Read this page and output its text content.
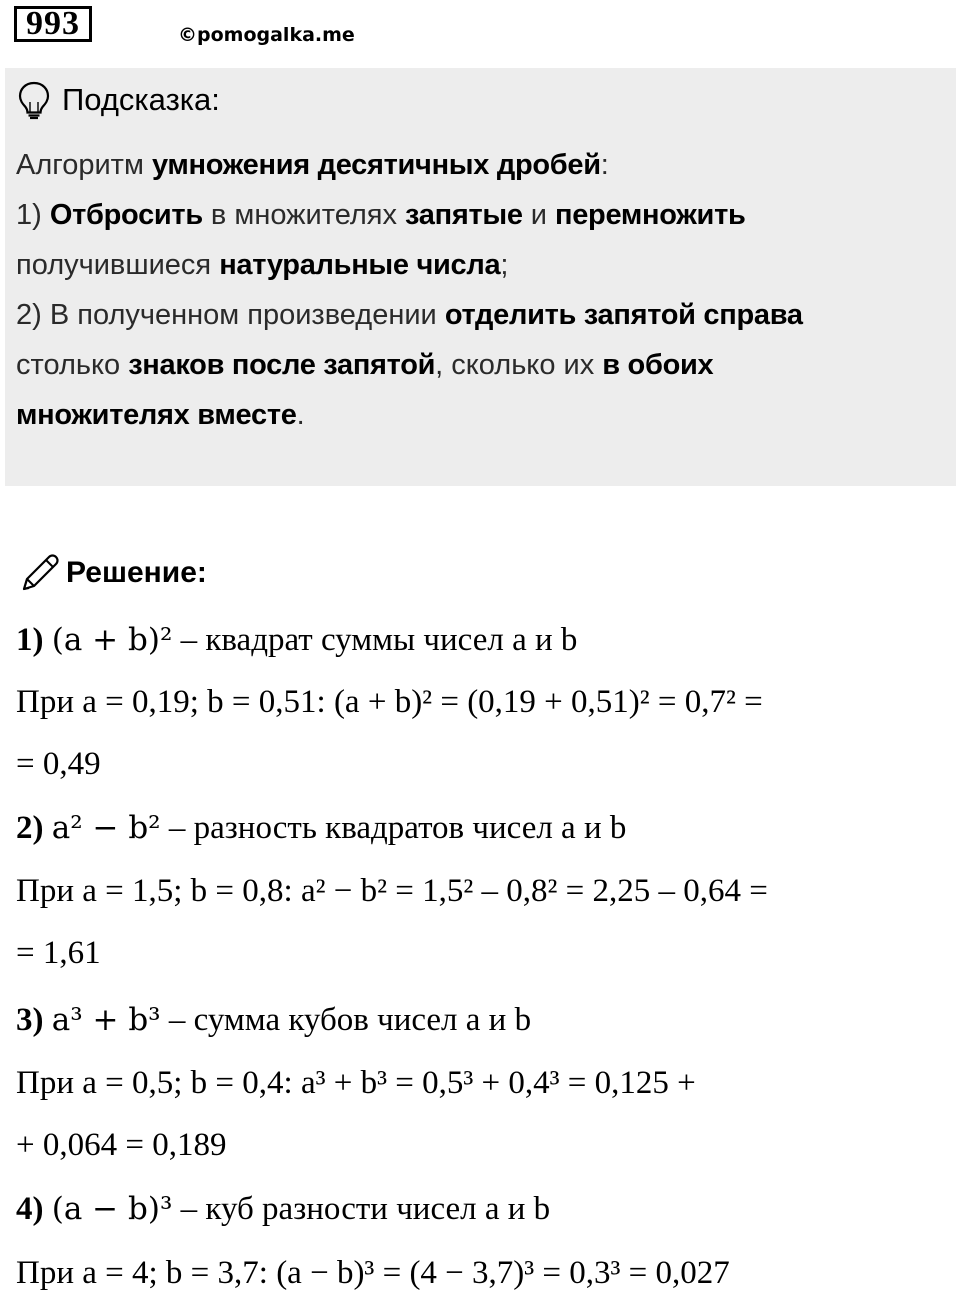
993	©pomogalka.me
Подсказка:
Алгоритм умножения десятичных дробей:
1) Отбросить в множителях запятые и перемножить
получившиеся натуральные числа;
2) В полученном произведении отделить запятой справа
столько знаков после запятой, сколько их в обоих
множителях вместе.
Решение:
1) (a + b)² – квадрат суммы чисел a и b
При a = 0,19; b = 0,51: (a + b)² = (0,19 + 0,51)² = 0,7² =
= 0,49
2) a² − b² – разность квадратов чисел a и b
При a = 1,5; b = 0,8: a² − b² = 1,5² – 0,8² = 2,25 – 0,64 =
= 1,61
3) a³ + b³ – сумма кубов чисел a и b
При a = 0,5; b = 0,4: a³ + b³ = 0,5³ + 0,4³ = 0,125 +
+ 0,064 = 0,189
4) (a − b)³ – куб разности чисел a и b
При a = 4; b = 3,7: (a − b)³ = (4 − 3,7)³ = 0,3³ = 0,027
